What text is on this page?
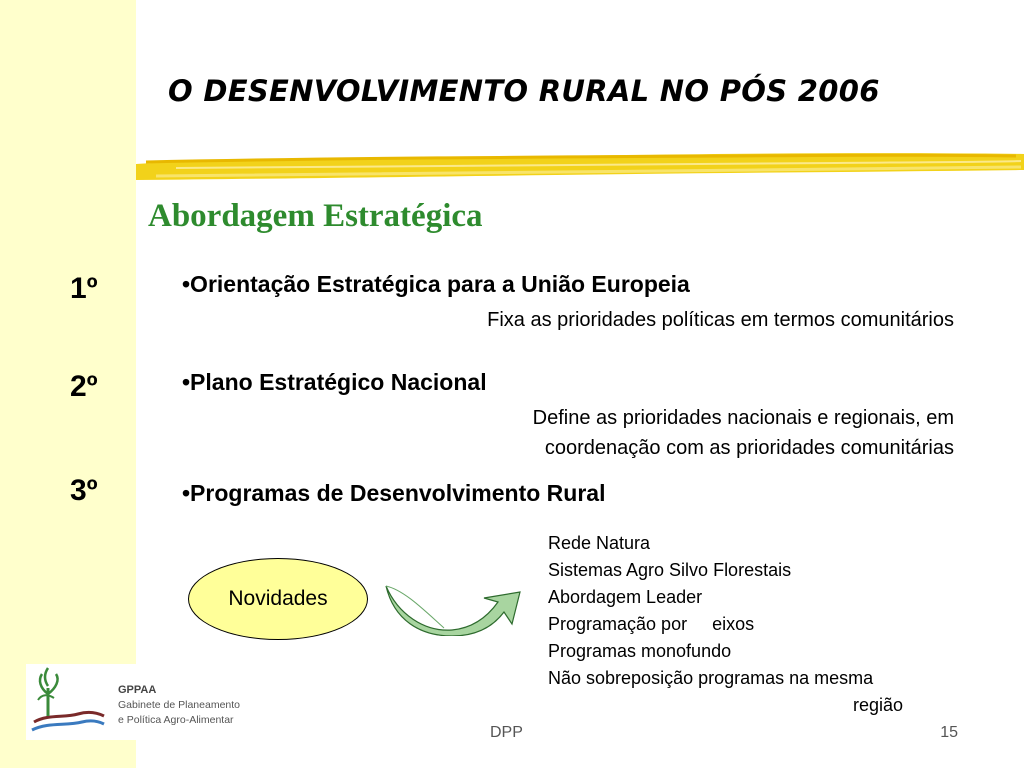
O DESENVOLVIMENTO RURAL NO PÓS 2006
Abordagem Estratégica
1º	•Orientação Estratégica para a União Europeia
Fixa as prioridades políticas em termos comunitários
2º	•Plano Estratégico Nacional
Define as prioridades nacionais e regionais, em
coordenação com as prioridades comunitárias
3º	•Programas de Desenvolvimento Rural
Novidades
Rede Natura
Sistemas Agro Silvo Florestais
Abordagem Leader
Programação por     eixos
Programas monofundo
Não sobreposição programas na mesma
região
GPPAA
Gabinete de Planeamento
e Política Agro-Alimentar
DPP	15
